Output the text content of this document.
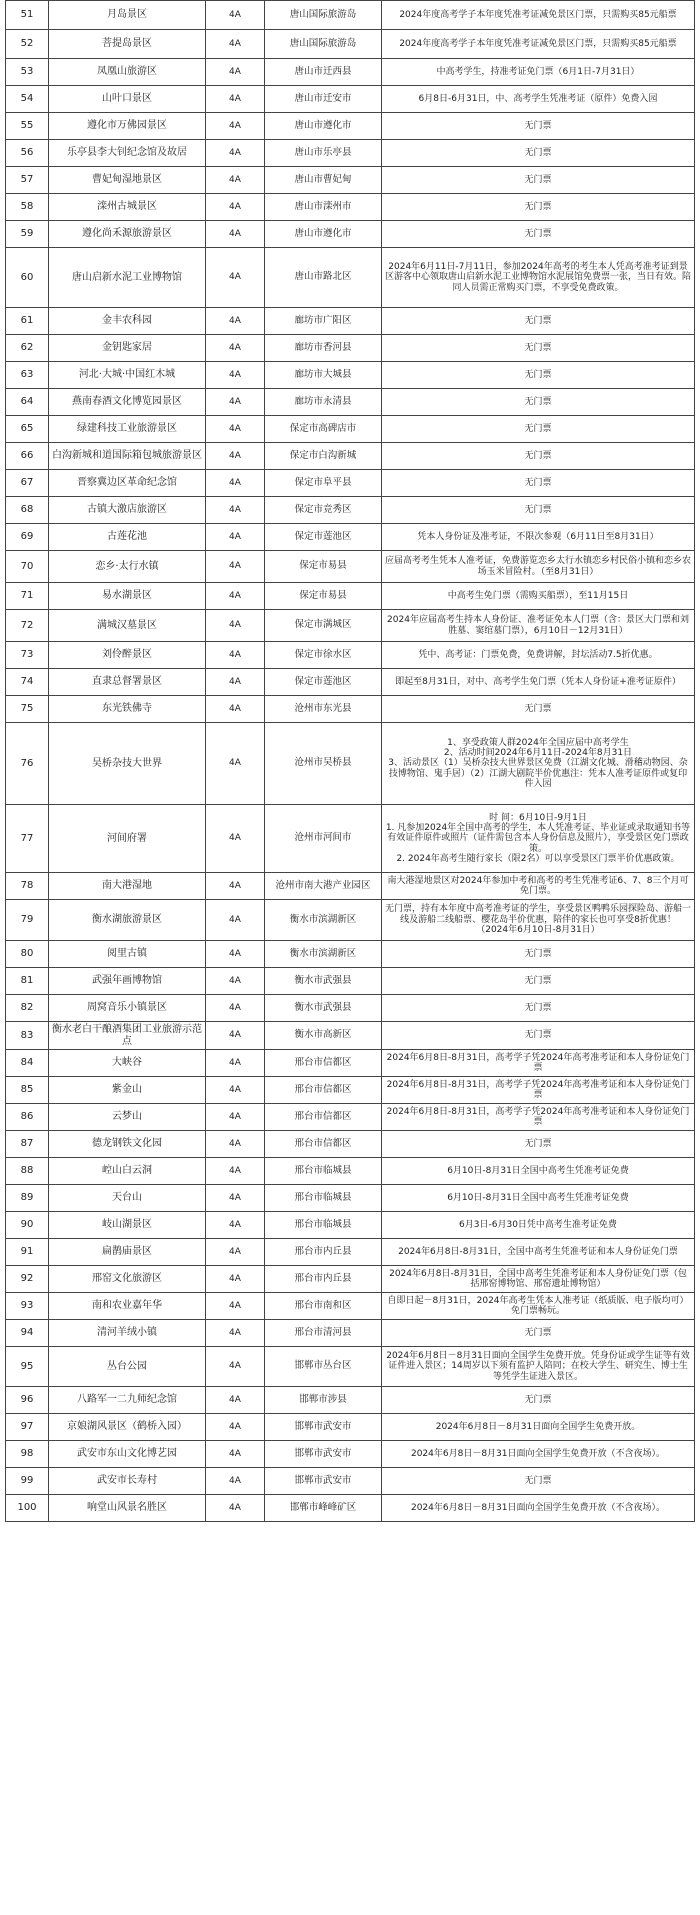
51	月岛景区	4A	唐山国际旅游岛	2024年度高考学子本年度凭准考证减免景区门票，只需购买85元船票
52	菩提岛景区	4A	唐山国际旅游岛	2024年度高考学子本年度凭准考证减免景区门票，只需购买85元船票
53	凤凰山旅游区	4A	唐山市迁西县	中高考学生，持准考证免门票（6月1日-7月31日）
54	山叶口景区	4A	唐山市迁安市	6月8日-6月31日，中、高考学生凭准考证（原件）免费入园
55	遵化市万佛园景区	4A	唐山市遵化市	无门票
56	乐亭县李大钊纪念馆及故居	4A	唐山市乐亭县	无门票
57	曹妃甸湿地景区	4A	唐山市曹妃甸	无门票
58	滦州古城景区	4A	唐山市滦州市	无门票
59	遵化尚禾源旅游景区	4A	唐山市遵化市	无门票
60	唐山启新水泥工业博物馆	4A	唐山市路北区	2024年6月11日-7月11日，参加2024年高考的考生本人凭高考准考证到景区游客中心领取唐山启新水泥工业博物馆水泥展馆免费票一张，当日有效。陪同人员需正常购买门票，不享受免费政策。
61	金丰农科园	4A	廊坊市广阳区	无门票
62	金钥匙家居	4A	廊坊市香河县	无门票
63	河北·大城·中国红木城	4A	廊坊市大城县	无门票
64	燕南春酒文化博览园景区	4A	廊坊市永清县	无门票
65	绿建科技工业旅游景区	4A	保定市高碑店市	无门票
66	白沟新城和道国际箱包城旅游景区	4A	保定市白沟新城	无门票
67	晋察冀边区革命纪念馆	4A	保定市阜平县	无门票
68	古镇大激店旅游区	4A	保定市竞秀区	无门票
69	古莲花池	4A	保定市莲池区	凭本人身份证及准考证，不限次参观（6月11日至8月31日）
70	恋乡·太行水镇	4A	保定市易县	应届高考考生凭本人准考证，免费游览恋乡太行水镇恋乡村民俗小镇和恋乡农场玉米冒险村。（至8月31日）
71	易水湖景区	4A	保定市易县	中高考生免门票（需购买船票），至11月15日
72	满城汉墓景区	4A	保定市满城区	2024年应届高考生持本人身份证、准考证免本人门票（含：景区大门票和刘胜墓、窦绾墓门票），6月10日－12月31日）
73	刘伶醉景区	4A	保定市徐水区	凭中、高考证：门票免费，免费讲解，封坛活动7.5折优惠。
74	直隶总督署景区	4A	保定市莲池区	即起至8月31日，对中、高考学生免门票（凭本人身份证+准考证原件）
75	东光铁佛寺	4A	沧州市东光县	无门票
76	吴桥杂技大世界	4A	沧州市吴桥县	1、享受政策人群2024年全国应届中高考学生
2、活动时间2024年6月11日-2024年8月31日
3、活动景区（1）吴桥杂技大世界景区免费（江湖文化城、滑稽动物园、杂技博物馆、鬼手居）（2）江湖大剧院半价优惠注：凭本人准考证原件或复印件入园
77	河间府署	4A	沧州市河间市	时 间：6月10日-9月1日
1. 凡参加2024年全国中高考的学生，本人凭准考证、毕业证或录取通知书等有效证件原件或照片（证件需包含本人身份信息及照片），享受景区免门票政策。
2. 2024年高考生随行家长（限2名）可以享受景区门票半价优惠政策。
78	南大港湿地	4A	沧州市南大港产业园区	南大港湿地景区对2024年参加中考和高考的考生凭准考证6、7、8三个月可免门票。
79	衡水湖旅游景区	4A	衡水市滨湖新区	无门票，持有本年度中高考准考证的学生，享受景区鸭鸭乐园探险岛、游船一线及游船二线船票、樱花岛半价优惠，陪伴的家长也可享受8折优惠！（2024年6月10日-8月31日）
80	阅里古镇	4A	衡水市滨湖新区	无门票
81	武强年画博物馆	4A	衡水市武强县	无门票
82	周窝音乐小镇景区	4A	衡水市武强县	无门票
83	衡水老白干酿酒集团工业旅游示范点	4A	衡水市高新区	无门票
84	大峡谷	4A	邢台市信都区	2024年6月8日-8月31日，高考学子凭2024年高考准考证和本人身份证免门票
85	紫金山	4A	邢台市信都区	2024年6月8日-8月31日，高考学子凭2024年高考准考证和本人身份证免门票
86	云梦山	4A	邢台市信都区	2024年6月8日-8月31日，高考学子凭2024年高考准考证和本人身份证免门票
87	德龙钢铁文化园	4A	邢台市信都区	无门票
88	崆山白云洞	4A	邢台市临城县	6月10日-8月31日全国中高考生凭准考证免费
89	天台山	4A	邢台市临城县	6月10日-8月31日全国中高考生凭准考证免费
90	岐山湖景区	4A	邢台市临城县	6月3日-6月30日凭中高考生准考证免费
91	扁鹊庙景区	4A	邢台市内丘县	2024年6月8日-8月31日，全国中高考生凭准考证和本人身份证免门票
92	邢窑文化旅游区	4A	邢台市内丘县	2024年6月8日-8月31日，全国中高考生凭准考证和本人身份证免门票（包括邢窑博物馆、邢窑遗址博物馆）
93	南和农业嘉年华	4A	邢台市南和区	自即日起－8月31日，2024年高考生凭本人准考证（纸质版、电子版均可）免门票畅玩。
94	清河羊绒小镇	4A	邢台市清河县	无门票
95	丛台公园	4A	邯郸市丛台区	2024年6月8日－8月31日面向全国学生免费开放。凭身份证或学生证等有效证件进入景区；14周岁以下须有监护人陪同；在校大学生、研究生、博士生等凭学生证进入景区。
96	八路军一二九师纪念馆	4A	邯郸市涉县	无门票
97	京娘湖风景区（鹤桥入园）	4A	邯郸市武安市	2024年6月8日－8月31日面向全国学生免费开放。
98	武安市东山文化博艺园	4A	邯郸市武安市	2024年6月8日－8月31日面向全国学生免费开放（不含夜场）。
99	武安市长寿村	4A	邯郸市武安市	无门票
100	响堂山风景名胜区	4A	邯郸市峰峰矿区	2024年6月8日－8月31日面向全国学生免费开放（不含夜场）。
